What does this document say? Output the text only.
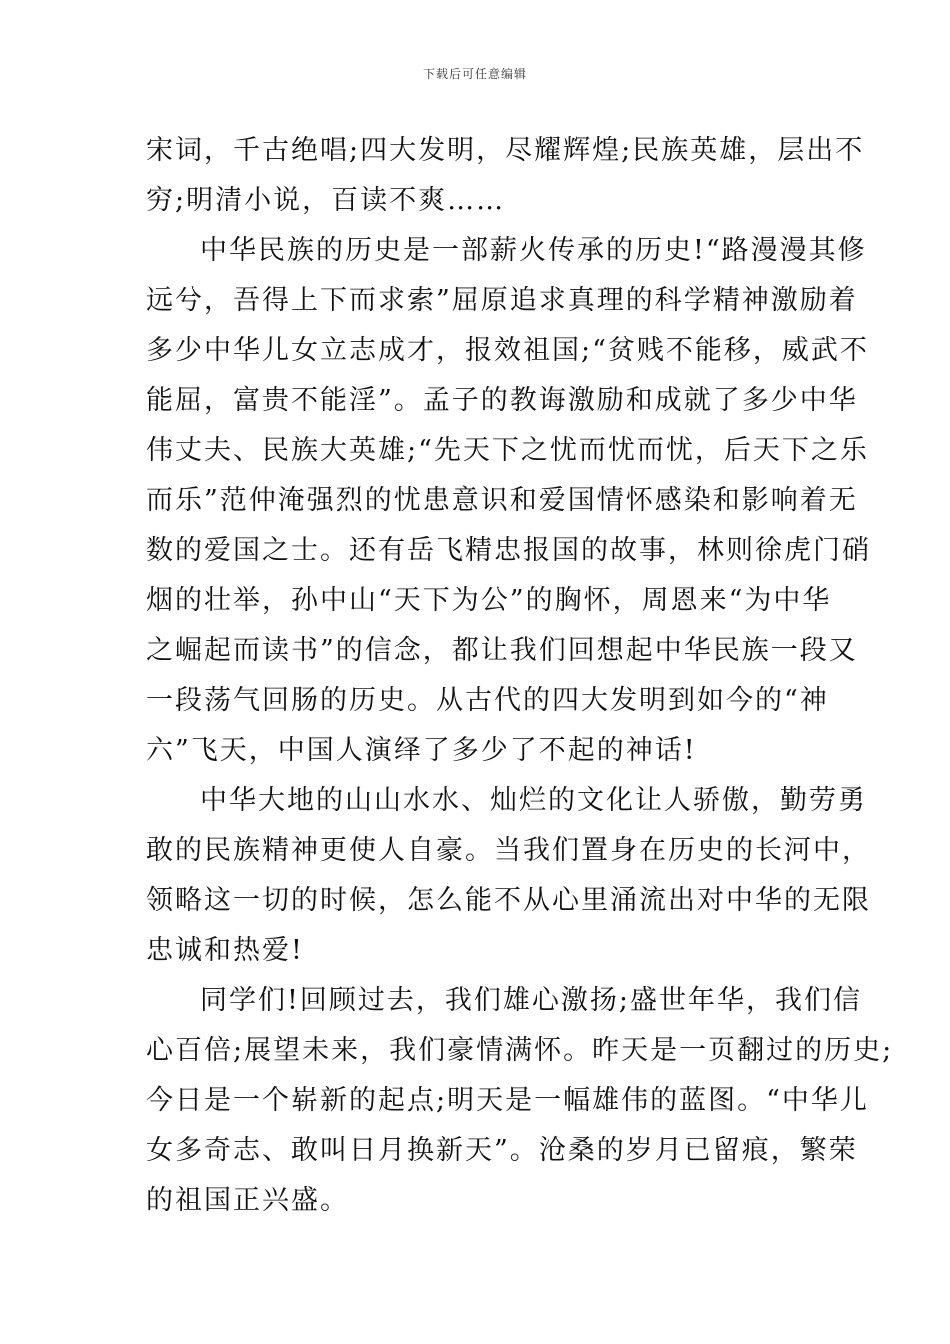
下载后可任意编辑
宋词，千古绝唱;四大发明，尽耀辉煌;民族英雄，层出不
穷;明清小说，百读不爽……
中华民族的历史是一部薪火传承的历史!“路漫漫其修
远兮，吾得上下而求索”屈原追求真理的科学精神激励着
多少中华儿女立志成才，报效祖国;“贫贱不能移，威武不
能屈，富贵不能淫”。孟子的教诲激励和成就了多少中华
伟丈夫、民族大英雄;“先天下之忧而忧而忧，后天下之乐
而乐”范仲淹强烈的忧患意识和爱国情怀感染和影响着无
数的爱国之士。还有岳飞精忠报国的故事，林则徐虎门硝
烟的壮举，孙中山“天下为公”的胸怀，周恩来“为中华
之崛起而读书”的信念，都让我们回想起中华民族一段又
一段荡气回肠的历史。从古代的四大发明到如今的“神
六”飞天，中国人演绎了多少了不起的神话!
中华大地的山山水水、灿烂的文化让人骄傲，勤劳勇
敢的民族精神更使人自豪。当我们置身在历史的长河中，
领略这一切的时候，怎么能不从心里涌流出对中华的无限
忠诚和热爱!
同学们!回顾过去，我们雄心激扬;盛世年华，我们信
心百倍;展望未来，我们豪情满怀。昨天是一页翻过的历史;
今日是一个崭新的起点;明天是一幅雄伟的蓝图。“中华儿
女多奇志、敢叫日月换新天”。沧桑的岁月已留痕，繁荣
的祖国正兴盛。
